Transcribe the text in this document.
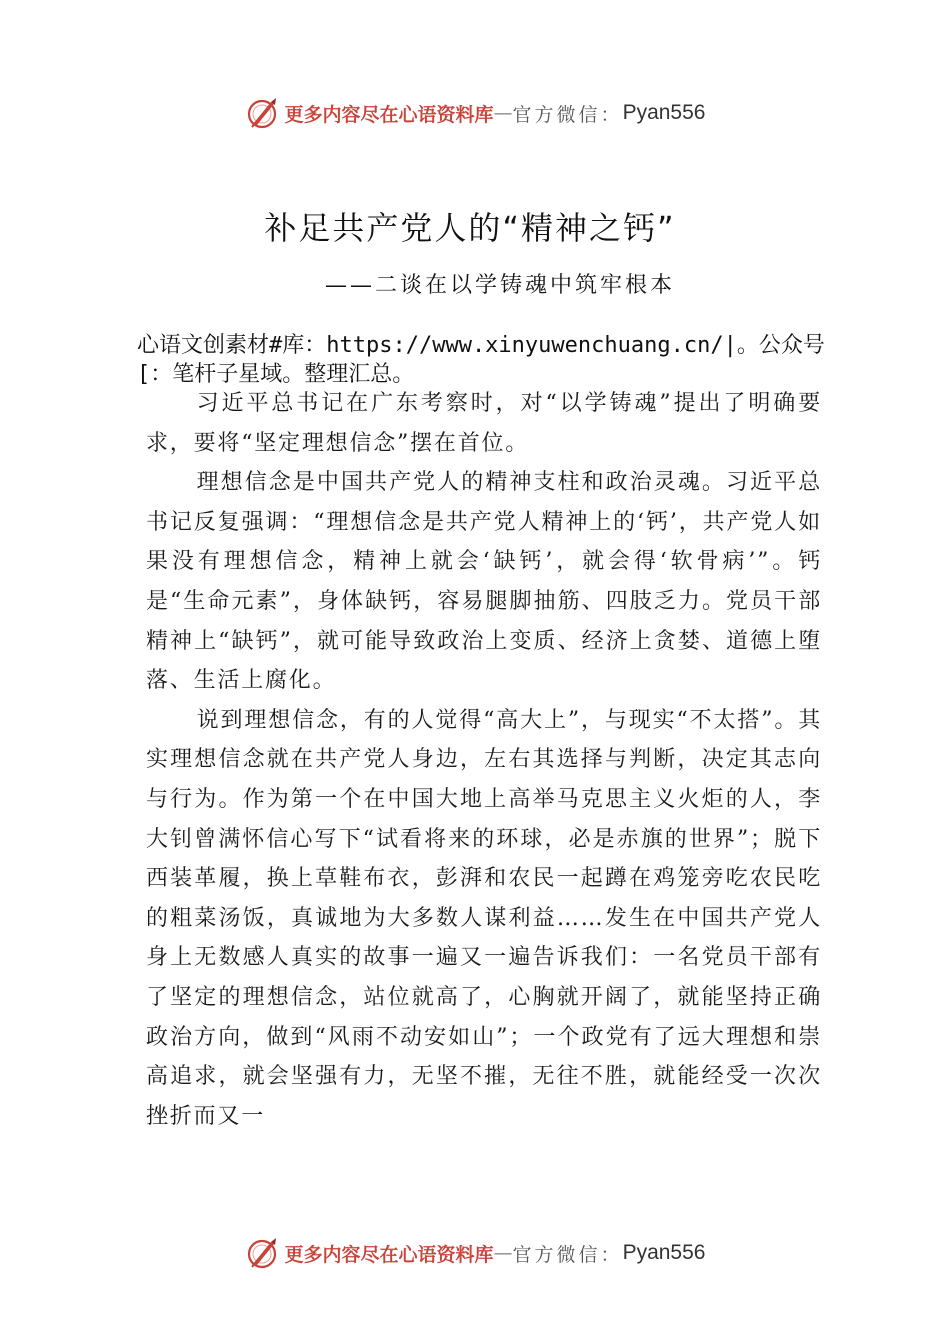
更多内容尽在心语资料库 — 官方微信： Pyan556
补足共产党人的“精神之钙”
——二谈在以学铸魂中筑牢根本
心语文创素材#库：https://www.xinyuwenchuang.cn/|。公众号[：笔杆子星域。整理汇总。

习近平总书记在广东考察时，对“以学铸魂”提出了明确要求，要将“坚定理想信念”摆在首位。

理想信念是中国共产党人的精神支柱和政治灵魂。习近平总书记反复强调：“理想信念是共产党人精神上的‘钙’，共产党人如果没有理想信念，精神上就会‘缺钙’，就会得‘软骨病’”。钙是“生命元素”，身体缺钙，容易腿脚抽筋、四肢乏力。党员干部精神上“缺钙”，就可能导致政治上变质、经济上贪婪、道德上堕落、生活上腐化。

说到理想信念，有的人觉得“高大上”，与现实“不太搭”。其实理想信念就在共产党人身边，左右其选择与判断，决定其志向与行为。作为第一个在中国大地上高举马克思主义火炬的人，李大钊曾满怀信心写下“试看将来的环球，必是赤旗的世界”；脱下西装革履，换上草鞋布衣，彭湃和农民一起蹲在鸡笼旁吃农民吃的粗菜汤饭，真诚地为大多数人谋利益……发生在中国共产党人身上无数感人真实的故事一遍又一遍告诉我们：一名党员干部有了坚定的理想信念，站位就高了，心胸就开阔了，就能坚持正确政治方向，做到“风雨不动安如山”；一个政党有了远大理想和崇高追求，就会坚强有力，无坚不摧，无往不胜，就能经受一次次挫折而又一

更多内容尽在心语资料库 — 官方微信： Pyan556
